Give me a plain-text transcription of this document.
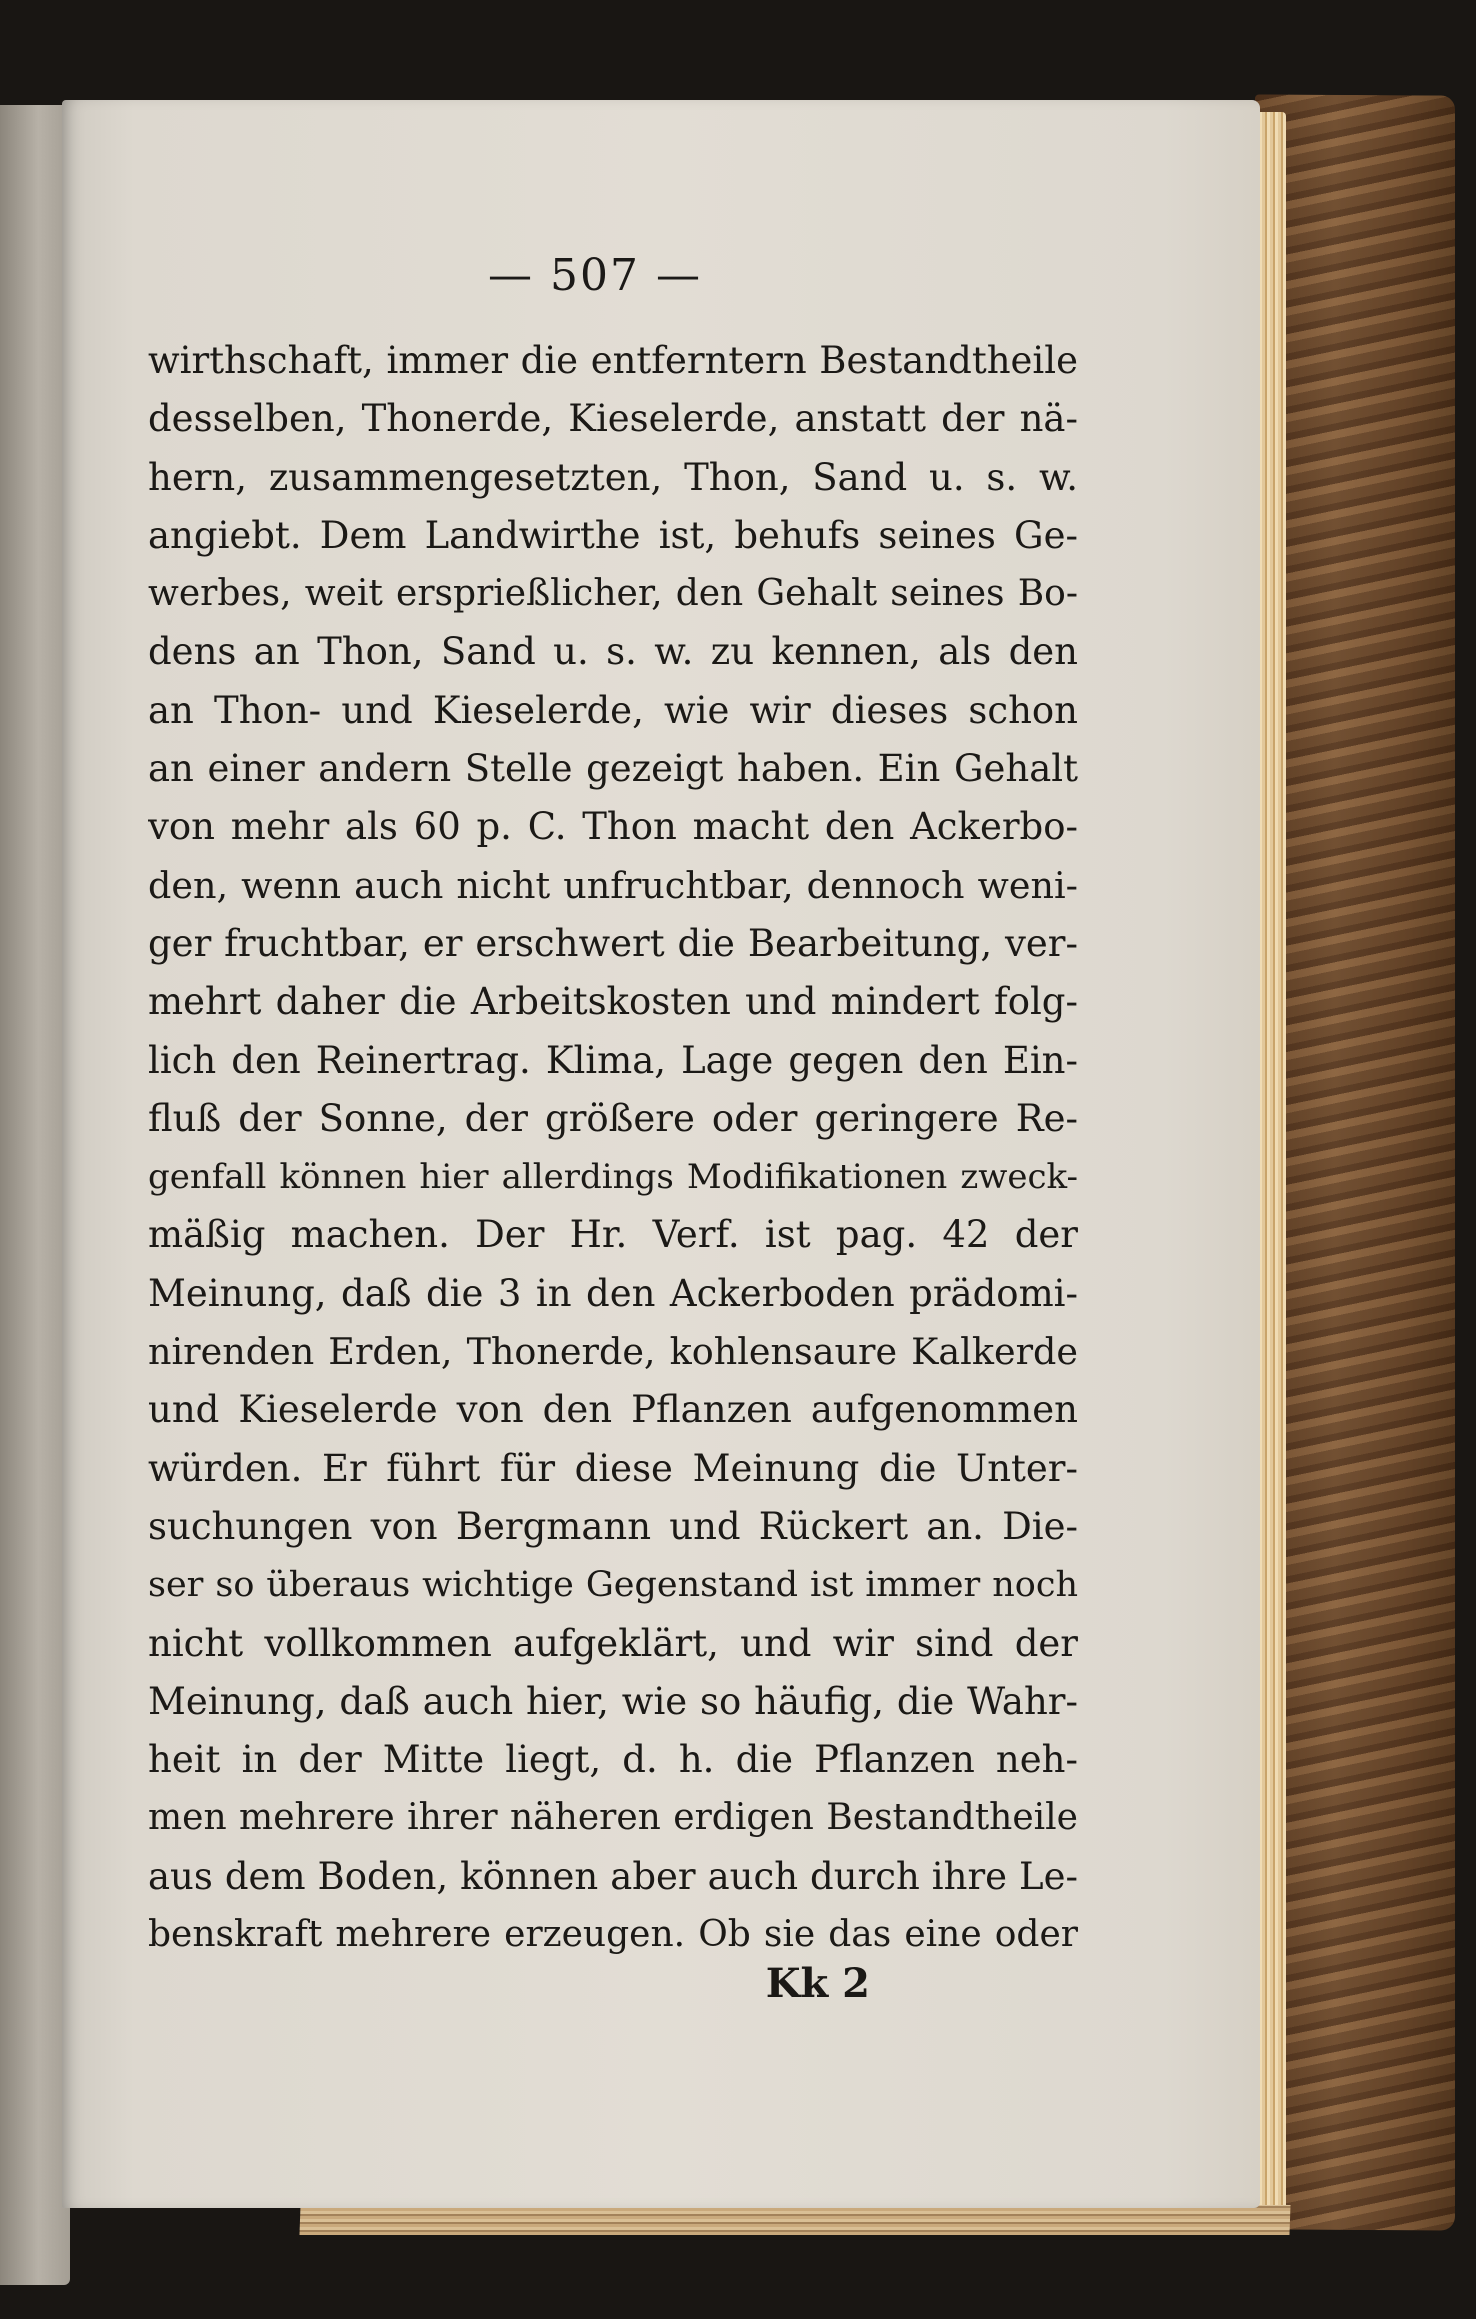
— 507 —
wirthschaft, immer die entferntern Bestandtheile
desselben, Thonerde, Kieselerde, anstatt der nä-
hern, zusammengesetzten, Thon, Sand u. s. w.
angiebt. Dem Landwirthe ist, behufs seines Ge-
werbes, weit ersprießlicher, den Gehalt seines Bo-
dens an Thon, Sand u. s. w. zu kennen, als den
an Thon- und Kieselerde, wie wir dieses schon
an einer andern Stelle gezeigt haben. Ein Gehalt
von mehr als 60 p. C. Thon macht den Ackerbo-
den, wenn auch nicht unfruchtbar, dennoch weni-
ger fruchtbar, er erschwert die Bearbeitung, ver-
mehrt daher die Arbeitskosten und mindert folg-
lich den Reinertrag. Klima, Lage gegen den Ein-
fluß der Sonne, der größere oder geringere Re-
genfall können hier allerdings Modifikationen zweck-
mäßig machen. Der Hr. Verf. ist pag. 42 der
Meinung, daß die 3 in den Ackerboden prädomi-
nirenden Erden, Thonerde, kohlensaure Kalkerde
und Kieselerde von den Pflanzen aufgenommen
würden. Er führt für diese Meinung die Unter-
suchungen von Bergmann und Rückert an. Die-
ser so überaus wichtige Gegenstand ist immer noch
nicht vollkommen aufgeklärt, und wir sind der
Meinung, daß auch hier, wie so häufig, die Wahr-
heit in der Mitte liegt, d. h. die Pflanzen neh-
men mehrere ihrer näheren erdigen Bestandtheile
aus dem Boden, können aber auch durch ihre Le-
benskraft mehrere erzeugen. Ob sie das eine oder
Kk 2
